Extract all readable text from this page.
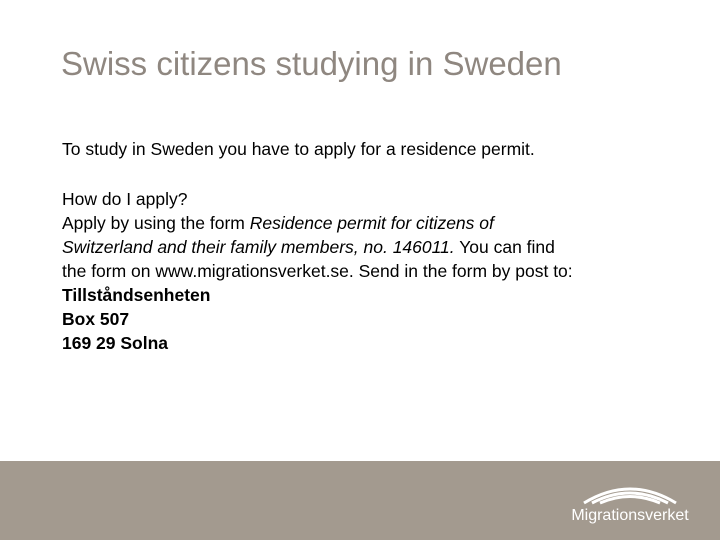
Swiss citizens studying in Sweden

To study in Sweden you have to apply for a residence permit.

How do I apply?
Apply by using the form Residence permit for citizens of
Switzerland and their family members, no. 146011. You can find
the form on www.migrationsverket.se. Send in the form by post to:
Tillståndsenheten
Box 507
169 29 Solna
Migrationsverket
